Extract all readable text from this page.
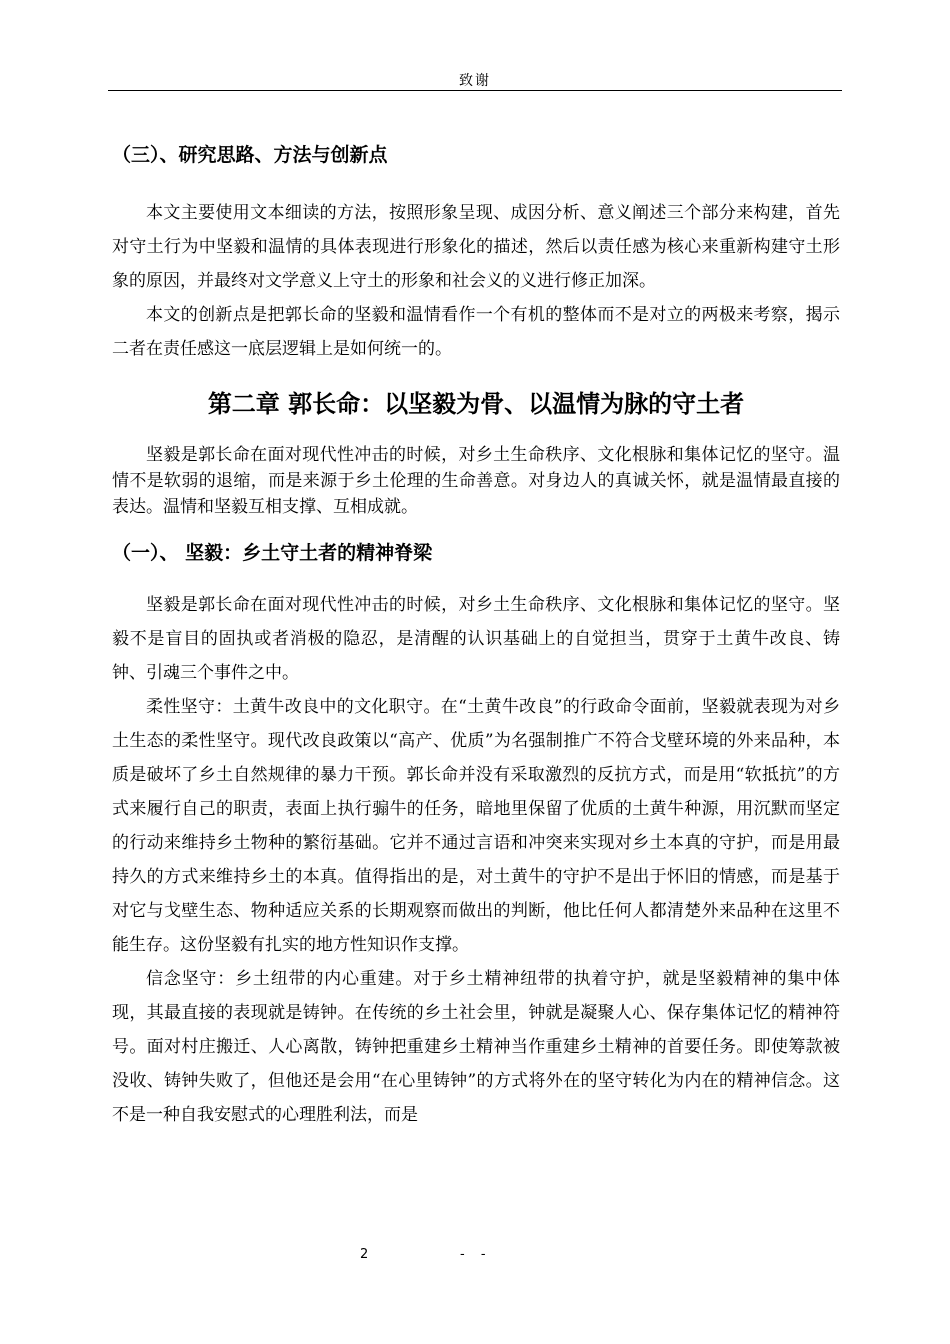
致谢
（三）、研究思路、方法与创新点

本文主要使用文本细读的方法，按照形象呈现、成因分析、意义阐述三个部分来构建，首先对守土行为中坚毅和温情的具体表现进行形象化的描述，然后以责任感为核心来重新构建守土形象的原因，并最终对文学意义上守土的形象和社会义的义进行修正加深。

本文的创新点是把郭长命的坚毅和温情看作一个有机的整体而不是对立的两极来考察，揭示二者在责任感这一底层逻辑上是如何统一的。

第二章 郭长命：以坚毅为骨、以温情为脉的守土者

坚毅是郭长命在面对现代性冲击的时候，对乡土生命秩序、文化根脉和集体记忆的坚守。温情不是软弱的退缩，而是来源于乡土伦理的生命善意。对身边人的真诚关怀，就是温情最直接的表达。温情和坚毅互相支撑、互相成就。

（一）、 坚毅：乡土守土者的精神脊梁

坚毅是郭长命在面对现代性冲击的时候，对乡土生命秩序、文化根脉和集体记忆的坚守。坚毅不是盲目的固执或者消极的隐忍，是清醒的认识基础上的自觉担当，贯穿于土黄牛改良、铸钟、引魂三个事件之中。

柔性坚守：土黄牛改良中的文化职守。在“土黄牛改良”的行政命令面前，坚毅就表现为对乡土生态的柔性坚守。现代改良政策以“高产、优质”为名强制推广不符合戈壁环境的外来品种，本质是破坏了乡土自然规律的暴力干预。郭长命并没有采取激烈的反抗方式，而是用“软抵抗”的方式来履行自己的职责，表面上执行骟牛的任务，暗地里保留了优质的土黄牛种源，用沉默而坚定的行动来维持乡土物种的繁衍基础。它并不通过言语和冲突来实现对乡土本真的守护，而是用最持久的方式来维持乡土的本真。值得指出的是，对土黄牛的守护不是出于怀旧的情感，而是基于对它与戈壁生态、物种适应关系的长期观察而做出的判断，他比任何人都清楚外来品种在这里不能生存。这份坚毅有扎实的地方性知识作支撑。

信念坚守：乡土纽带的内心重建。对于乡土精神纽带的执着守护，就是坚毅精神的集中体现，其最直接的表现就是铸钟。在传统的乡土社会里，钟就是凝聚人心、保存集体记忆的精神符号。面对村庄搬迁、人心离散，铸钟把重建乡土精神当作重建乡土精神的首要任务。即使筹款被没收、铸钟失败了，但他还是会用“在心里铸钟”的方式将外在的坚守转化为内在的精神信念。这不是一种自我安慰式的心理胜利法，而是

2	- -
